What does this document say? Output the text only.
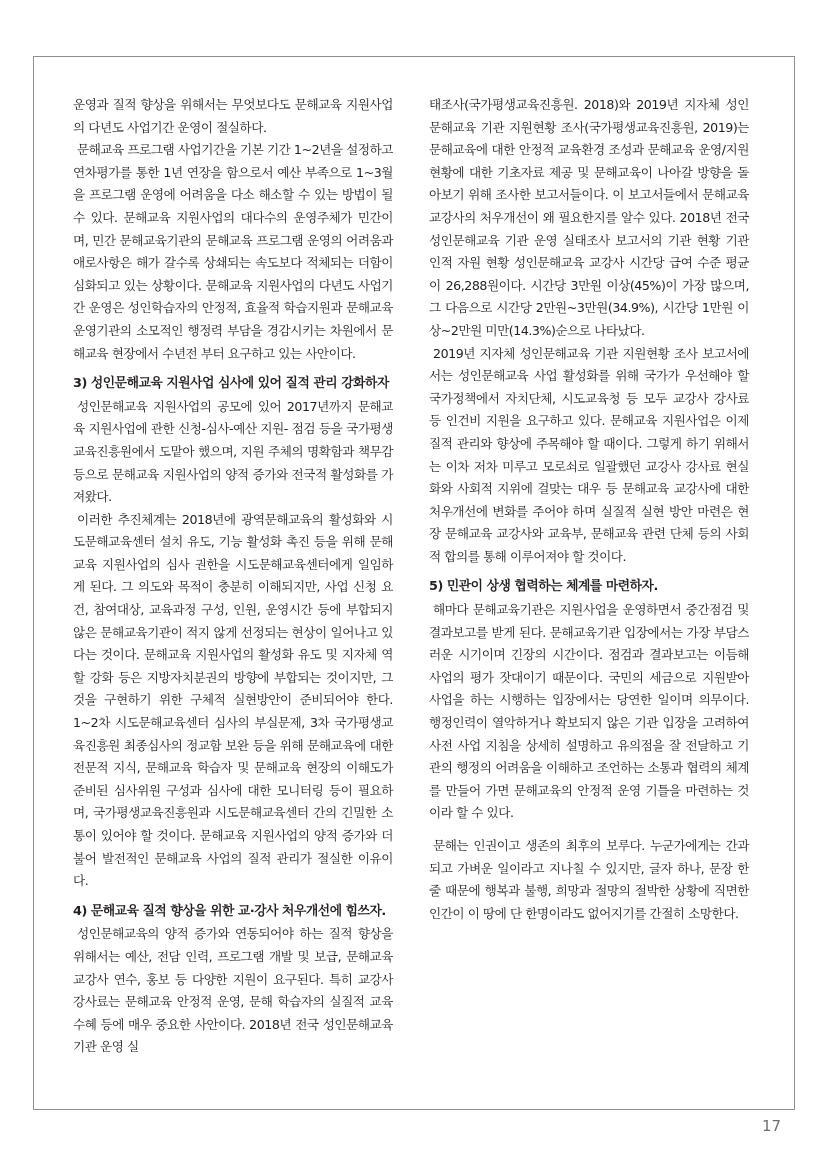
운영과 질적 향상을 위해서는 무엇보다도 문해교육 지원사업의 다년도 사업기간 운영이 절실하다.

문해교육 프로그램 사업기간을 기본 기간 1~2년을 설정하고 연차평가를 통한 1년 연장을 함으로서 예산 부족으로 1~3월을 프로그램 운영에 어려움을 다소 해소할 수 있는 방법이 될 수 있다. 문해교육 지원사업의 대다수의 운영주체가 민간이며, 민간 문해교육기관의 문해교육 프로그램 운영의 어려움과 애로사항은 해가 갈수록 상쇄되는 속도보다 적체되는 더함이 심화되고 있는 상황이다. 문해교육 지원사업의 다년도 사업기간 운영은 성인학습자의 안정적, 효율적 학습지원과 문해교육 운영기관의 소모적인 행정력 부담을 경감시키는 차원에서 문해교육 현장에서 수년전 부터 요구하고 있는 사안이다.

3) 성인문해교육 지원사업 심사에 있어 질적 관리 강화하자

성인문해교육 지원사업의 공모에 있어 2017년까지 문해교육 지원사업에 관한 신청-심사-예산 지원- 점검 등을 국가평생교육진흥원에서 도맡아 했으며, 지원 주체의 명확함과 책무감 등으로 문해교육 지원사업의 양적 증가와 전국적 활성화를 가져왔다.

이러한 추진체계는 2018년에 광역문해교육의 활성화와 시도문해교육센터 설치 유도, 기능 활성화 촉진 등을 위해 문해교육 지원사업의 심사 권한을 시도문해교육센터에게 일임하게 된다. 그 의도와 목적이 충분히 이해되지만, 사업 신청 요건, 참여대상, 교육과정 구성, 인원, 운영시간 등에 부합되지 않은 문해교육기관이 적지 않게 선정되는 현상이 일어나고 있다는 것이다. 문해교육 지원사업의 활성화 유도 및 지자체 역할 강화 등은 지방자치분권의 방향에 부합되는 것이지만, 그것을 구현하기 위한 구체적 실현방안이 준비되어야 한다. 1~2차 시도문해교육센터 심사의 부실문제, 3차 국가평생교육진흥원 최종심사의 정교함 보완 등을 위해 문해교육에 대한 전문적 지식, 문해교육 학습자 및 문해교육 현장의 이해도가 준비된 심사위원 구성과 심사에 대한 모니터링 등이 필요하며, 국가평생교육진흥원과 시도문해교육센터 간의 긴밀한 소통이 있어야 할 것이다. 문해교육 지원사업의 양적 증가와 더불어 발전적인 문해교육 사업의 질적 관리가 절실한 이유이다.

4) 문해교육 질적 향상을 위한 교·강사 처우개선에 힘쓰자.

성인문해교육의 양적 증가와 연동되어야 하는 질적 향상을 위해서는 예산, 전담 인력, 프로그램 개발 및 보급, 문해교육 교강사 연수, 홍보 등 다양한 지원이 요구된다. 특히 교강사 강사료는 문해교육 안정적 운영, 문해 학습자의 실질적 교육 수혜 등에 매우 중요한 사안이다. 2018년 전국 성인문해교육 기관 운영 실

태조사(국가평생교육진흥원. 2018)와 2019년 지자체 성인문해교육 기관 지원현황 조사(국가평생교육진흥원, 2019)는 문해교육에 대한 안정적 교육환경 조성과 문해교육 운영/지원 현황에 대한 기초자료 제공 및 문해교육이 나아갈 방향을 돌아보기 위해 조사한 보고서들이다. 이 보고서들에서 문해교육 교강사의 처우개선이 왜 필요한지를 알수 있다. 2018년 전국 성인문해교육 기관 운영 실태조사 보고서의 기관 현황 기관 인적 자원 현황 성인문해교육 교강사 시간당 급여 수준 평균이 26,288원이다. 시간당 3만원 이상(45%)이 가장 많으며, 그 다음으로 시간당 2만원~3만원(34.9%), 시간당 1만원 이상~2만원 미만(14.3%)순으로 나타났다.

2019년 지자체 성인문해교육 기관 지원현황 조사 보고서에서는 성인문해교육 사업 활성화를 위해 국가가 우선해야 할 국가정책에서 자치단체, 시도교육청 등 모두 교강사 강사료 등 인건비 지원을 요구하고 있다. 문해교육 지원사업은 이제 질적 관리와 향상에 주목해야 할 때이다. 그렇게 하기 위해서는 이차 저차 미루고 모로쇠로 일괄했던 교강사 강사료 현실화와 사회적 지위에 걸맞는 대우 등 문해교육 교강사에 대한 처우개선에 변화를 주어야 하며 실질적 실현 방안 마련은 현장 문해교육 교강사와 교육부, 문해교육 관련 단체 등의 사회적 합의를 통해 이루어져야 할 것이다.

5) 민관이 상생 협력하는 체계를 마련하자.

해마다 문해교육기관은 지원사업을 운영하면서 중간점검 및 결과보고를 받게 된다. 문해교육기관 입장에서는 가장 부담스러운 시기이며 긴장의 시간이다. 점검과 결과보고는 이듬해 사업의 평가 잣대이기 때문이다. 국민의 세금으로 지원받아 사업을 하는 시행하는 입장에서는 당연한 일이며 의무이다. 행정인력이 열악하거나 확보되지 않은 기관 입장을 고려하여 사전 사업 지침을 상세히 설명하고 유의점을 잘 전달하고 기관의 행정의 어려움을 이해하고 조언하는 소통과 협력의 체계를 만들어 가면 문해교육의 안정적 운영 기틀을 마련하는 것이라 할 수 있다.

문해는 인권이고 생존의 최후의 보루다. 누군가에게는 간과되고 가벼운 일이라고 지나칠 수 있지만, 글자 하나, 문장 한 줄 때문에 행복과 불행, 희망과 절망의 절박한 상황에 직면한 인간이 이 땅에 단 한명이라도 없어지기를 간절히 소망한다.

17
